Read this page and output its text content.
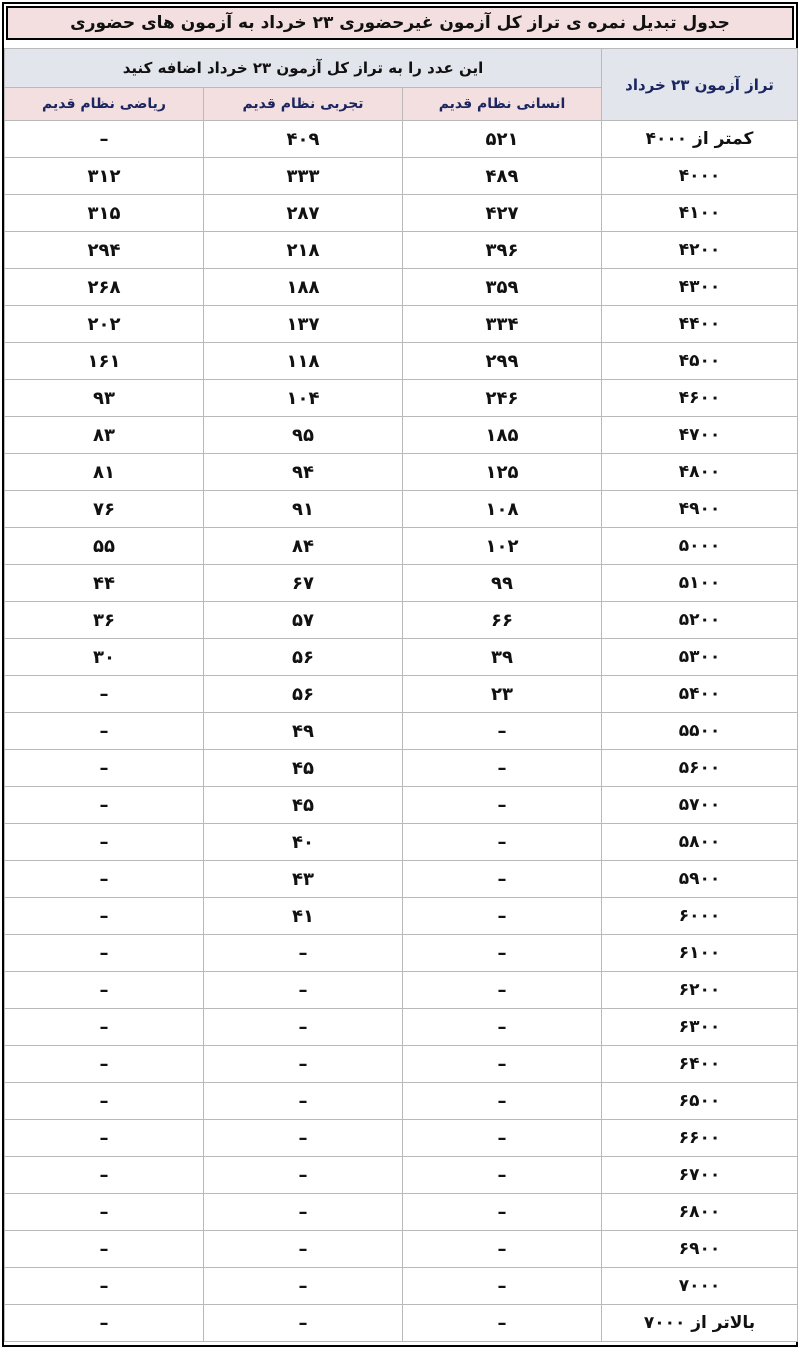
جدول تبدیل نمره ی تراز کل آزمون غیرحضوری ۲۳ خرداد به آزمون های حضوری
تراز آزمون ۲۳ خرداد	این عدد را به تراز کل آزمون ۲۳ خرداد اضافه کنید		
	انسانی نظام قدیم	تجربی نظام قدیم	ریاضی نظام قدیم
کمتر از ۴۰۰۰	۵۲۱	۴۰۹	–
۴۰۰۰	۴۸۹	۳۳۳	۳۱۲
۴۱۰۰	۴۲۷	۲۸۷	۳۱۵
۴۲۰۰	۳۹۶	۲۱۸	۲۹۴
۴۳۰۰	۳۵۹	۱۸۸	۲۶۸
۴۴۰۰	۳۳۴	۱۳۷	۲۰۲
۴۵۰۰	۲۹۹	۱۱۸	۱۶۱
۴۶۰۰	۲۴۶	۱۰۴	۹۳
۴۷۰۰	۱۸۵	۹۵	۸۳
۴۸۰۰	۱۲۵	۹۴	۸۱
۴۹۰۰	۱۰۸	۹۱	۷۶
۵۰۰۰	۱۰۲	۸۴	۵۵
۵۱۰۰	۹۹	۶۷	۴۴
۵۲۰۰	۶۶	۵۷	۳۶
۵۳۰۰	۳۹	۵۶	۳۰
۵۴۰۰	۲۳	۵۶	–
۵۵۰۰	–	۴۹	–
۵۶۰۰	–	۴۵	–
۵۷۰۰	–	۴۵	–
۵۸۰۰	–	۴۰	–
۵۹۰۰	–	۴۳	–
۶۰۰۰	–	۴۱	–
۶۱۰۰	–	–	–
۶۲۰۰	–	–	–
۶۳۰۰	–	–	–
۶۴۰۰	–	–	–
۶۵۰۰	–	–	–
۶۶۰۰	–	–	–
۶۷۰۰	–	–	–
۶۸۰۰	–	–	–
۶۹۰۰	–	–	–
۷۰۰۰	–	–	–
بالاتر از ۷۰۰۰	–	–	–
